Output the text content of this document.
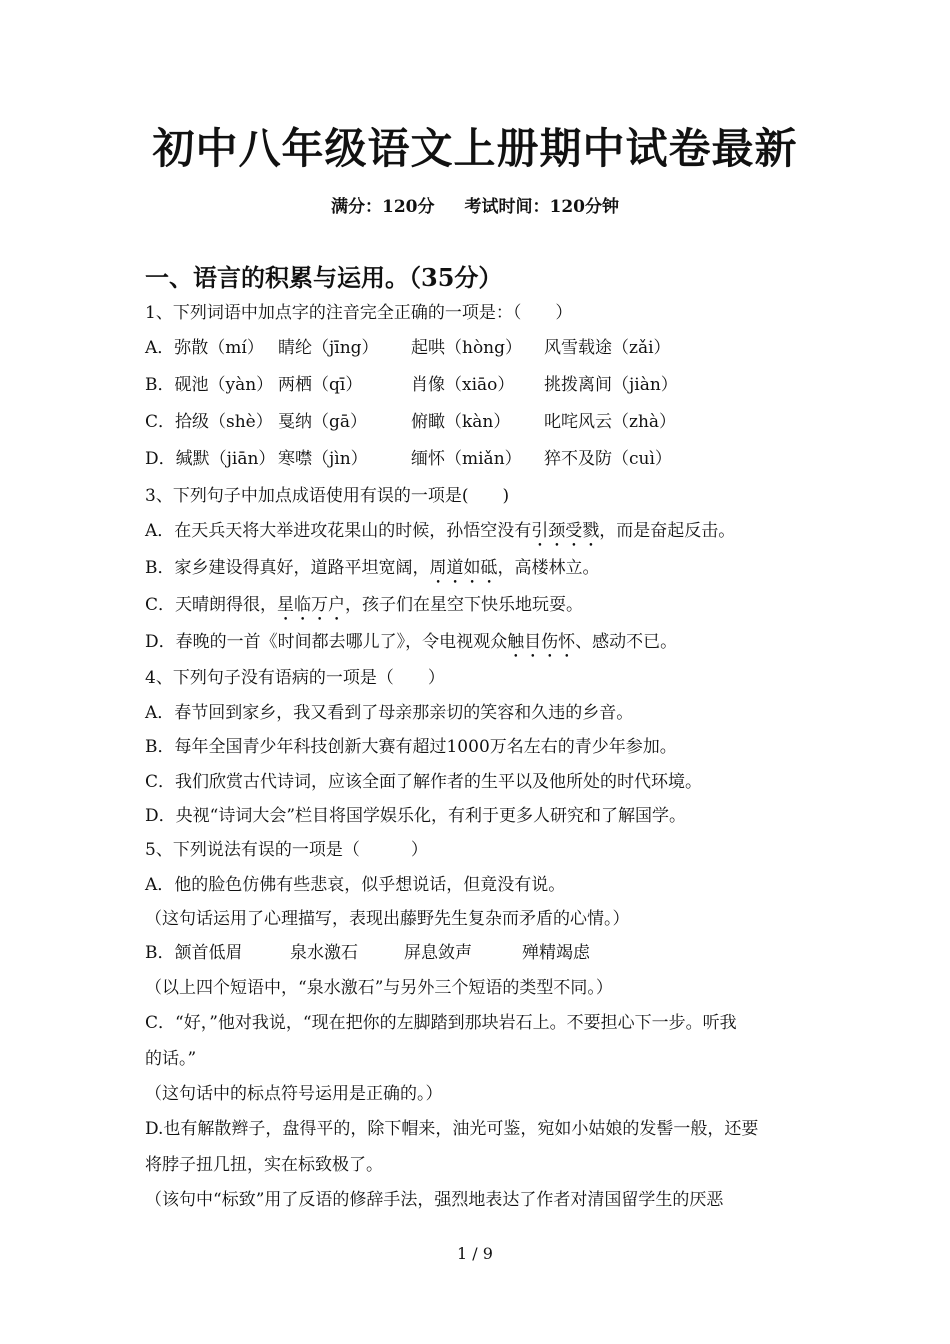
初中八年级语文上册期中试卷最新
满分：120分 考试时间：120分钟
一、语言的积累与运用。（35分）
1、下列词语中加点字的注音完全正确的一项是：（　　）
A．弥散（mí） 睛纶（jīng） 起哄（hòng） 风雪载途（zǎi）
B．砚池（yàn） 两栖（qī）	肖像（xiāo） 挑拨离间（jiàn）
C．拾级（shè） 戛纳（gā）	俯瞰（kàn） 叱咤风云（zhà）
D．缄默（jiān） 寒噤（jìn）	缅怀（miǎn） 猝不及防（cuì）
3、下列句子中加点成语使用有误的一项是(　　)
A．在天兵天将大举进攻花果山的时候，孙悟空没有引颈受戮，而是奋起反击。
B．家乡建设得真好，道路平坦宽阔，周道如砥，高楼林立。
C．天晴朗得很，星临万户，孩子们在星空下快乐地玩耍。
D．春晚的一首《时间都去哪儿了》，令电视观众触目伤怀、感动不已。
4、下列句子没有语病的一项是（　　）
A．春节回到家乡，我又看到了母亲那亲切的笑容和久违的乡音。
B．每年全国青少年科技创新大赛有超过1000万名左右的青少年参加。
C．我们欣赏古代诗词，应该全面了解作者的生平以及他所处的时代环境。
D．央视“诗词大会”栏目将国学娱乐化，有利于更多人研究和了解国学。
5、下列说法有误的一项是（　　　）
A．他的脸色仿佛有些悲哀，似乎想说话，但竟没有说。
（这句话运用了心理描写，表现出藤野先生复杂而矛盾的心情。）
B．颔首低眉	泉水激石	屏息敛声	殚精竭虑
（以上四个短语中，“泉水激石”与另外三个短语的类型不同。）
C．“好，”他对我说，“现在把你的左脚踏到那块岩石上。不要担心下一步。听我
的话。”
（这句话中的标点符号运用是正确的。）
D.也有解散辫子，盘得平的，除下帽来，油光可鉴，宛如小姑娘的发髻一般，还要
将脖子扭几扭，实在标致极了。
（该句中“标致”用了反语的修辞手法，强烈地表达了作者对清国留学生的厌恶
1 / 9
